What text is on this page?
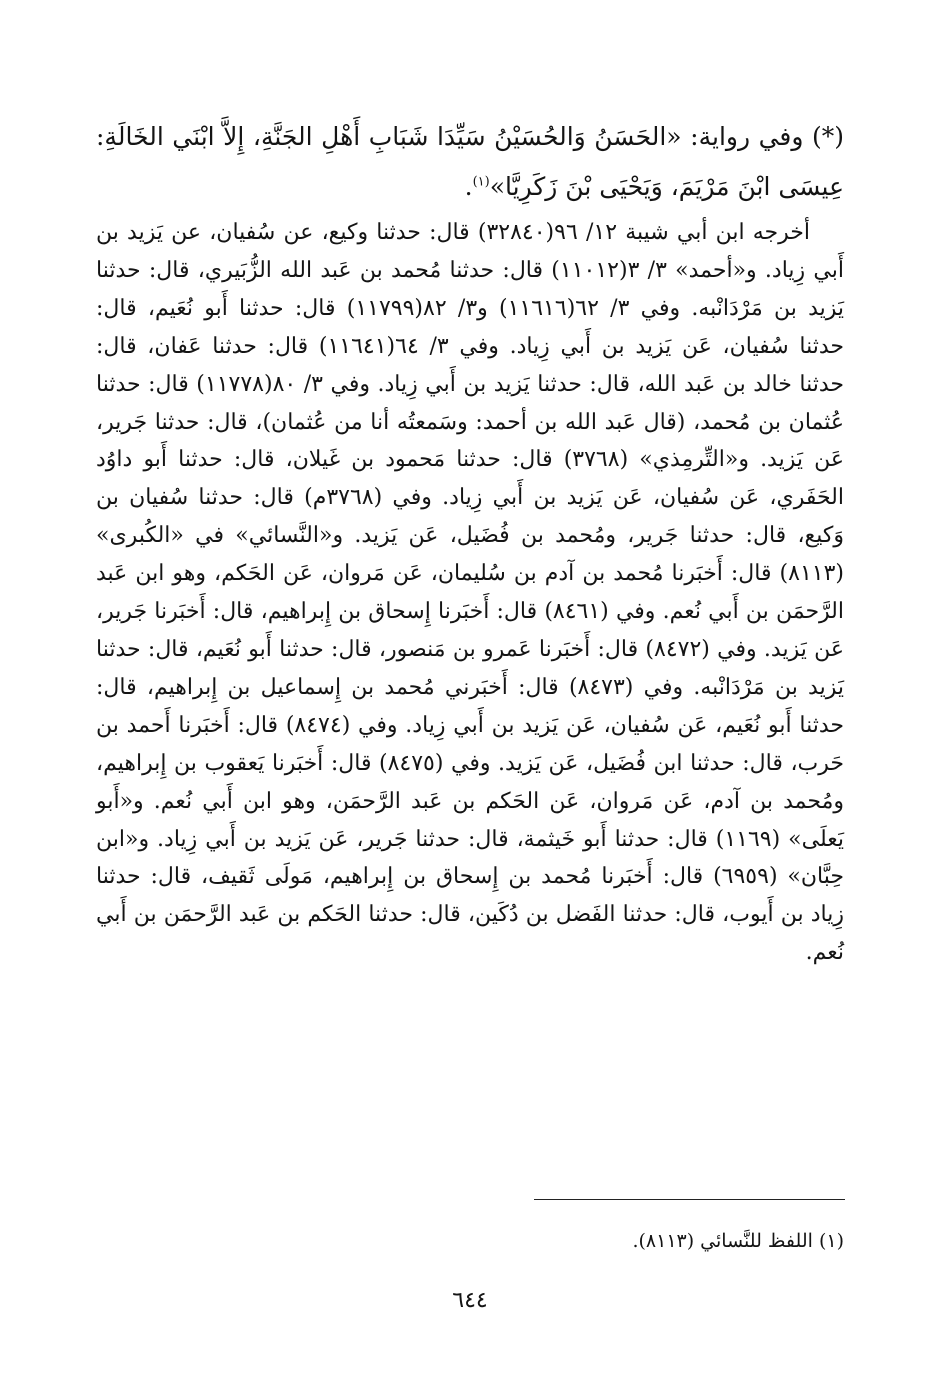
(*) وفي رواية: «الحَسَنُ وَالحُسَيْنُ سَيِّدَا شَبَابِ أَهْلِ الجَنَّةِ، إِلاَّ ابْنَي الخَالَةِ: عِيسَى ابْنَ مَرْيَمَ، وَيَحْيَى بْنَ زَكَرِيَّا»$^{(١)}$.

أخرجه ابن أبي شيبة ١٢/ ٩٦(٣٢٨٤٠) قال: حدثنا وكيع، عن سُفيان، عن يَزيد بن أَبي زِياد. و«أحمد» ٣/ ٣(١١٠١٢) قال: حدثنا مُحمد بن عَبد الله الزُّبَيري، قال: حدثنا يَزيد بن مَرْدَانْبه. وفي ٣/ ٦٢(١١٦١٦) و٣/ ٨٢(١١٧٩٩) قال: حدثنا أَبو نُعَيم، قال: حدثنا سُفيان، عَن يَزيد بن أَبي زِياد. وفي ٣/ ٦٤(١١٦٤١) قال: حدثنا عَفان، قال: حدثنا خالد بن عَبد الله، قال: حدثنا يَزيد بن أَبي زِياد. وفي ٣/ ٨٠(١١٧٧٨) قال: حدثنا عُثمان بن مُحمد، (قال عَبد الله بن أحمد: وسَمعتُه أنا من عُثمان)، قال: حدثنا جَرير، عَن يَزيد. و«التِّرمِذي» (٣٧٦٨) قال: حدثنا مَحمود بن غَيلان، قال: حدثنا أَبو داوُد الحَفَري، عَن سُفيان، عَن يَزيد بن أَبي زِياد. وفي (٣٧٦٨م) قال: حدثنا سُفيان بن وَكيع، قال: حدثنا جَرير، ومُحمد بن فُضَيل، عَن يَزيد. و«النَّسائي» في «الكُبرى» (٨١١٣) قال: أَخبَرنا مُحمد بن آدم بن سُليمان، عَن مَروان، عَن الحَكم، وهو ابن عَبد الرَّحمَن بن أَبي نُعم. وفي (٨٤٦١) قال: أَخبَرنا إِسحاق بن إِبراهيم، قال: أَخبَرنا جَرير، عَن يَزيد. وفي (٨٤٧٢) قال: أَخبَرنا عَمرو بن مَنصور، قال: حدثنا أَبو نُعَيم، قال: حدثنا يَزيد بن مَرْدَانْبه. وفي (٨٤٧٣) قال: أَخبَرني مُحمد بن إِسماعيل بن إِبراهيم، قال: حدثنا أَبو نُعَيم، عَن سُفيان، عَن يَزيد بن أَبي زِياد. وفي (٨٤٧٤) قال: أَخبَرنا أَحمد بن حَرب، قال: حدثنا ابن فُضَيل، عَن يَزيد. وفي (٨٤٧٥) قال: أَخبَرنا يَعقوب بن إِبراهيم، ومُحمد بن آدم، عَن مَروان، عَن الحَكم بن عَبد الرَّحمَن، وهو ابن أَبي نُعم. و«أَبو يَعلَى» (١١٦٩) قال: حدثنا أَبو خَيثمة، قال: حدثنا جَرير، عَن يَزيد بن أَبي زِياد. و«ابن حِبَّان» (٦٩٥٩) قال: أَخبَرنا مُحمد بن إِسحاق بن إِبراهيم، مَولَى ثَقيف، قال: حدثنا زِياد بن أَيوب، قال: حدثنا الفَضل بن دُكَين، قال: حدثنا الحَكم بن عَبد الرَّحمَن بن أَبي نُعم.

(١) اللفظ للنَّسائي (٨١١٣).

٦٤٤
